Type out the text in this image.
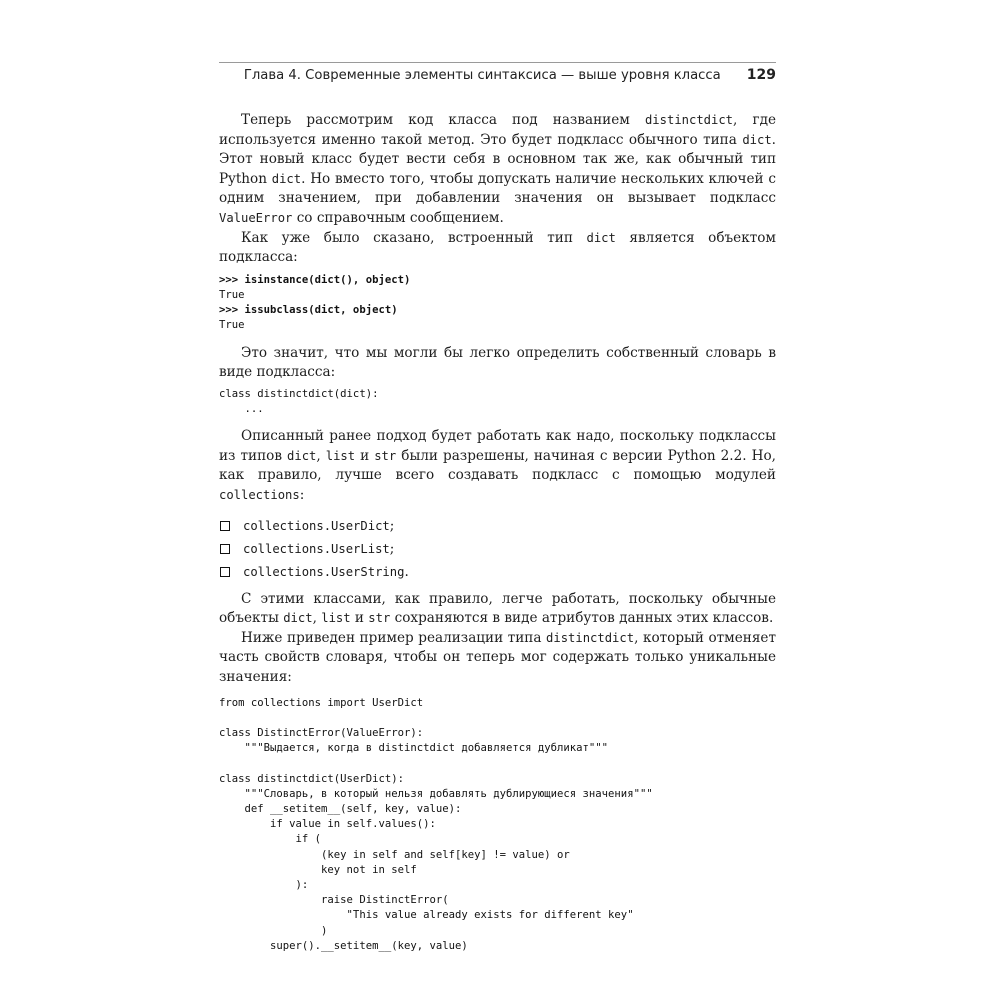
Глава 4. Современные элементы синтаксиса — выше уровня класса 129

Теперь рассмотрим код класса под названием distinctdict, где используется именно такой метод. Это будет подкласс обычного типа dict. Этот новый класс будет вести себя в основном так же, как обычный тип Python dict. Но вместо того, чтобы допускать наличие нескольких ключей с одним значением, при добавлении значения он вызывает подкласс ValueError со справочным сообщением.

Как уже было сказано, встроенный тип dict является объектом подкласса:

>>> isinstance(dict(), object)
True
>>> issubclass(dict, object)
True

Это значит, что мы могли бы легко определить собственный словарь в виде подкласса:

class distinctdict(dict):
...

Описанный ранее подход будет работать как надо, поскольку подклассы из типов dict, list и str были разрешены, начиная с версии Python 2.2. Но, как правило, лучше всего создавать подкласс с помощью модулей collections:

collections.UserDict ;
collections.UserList ;
collections.UserString .

С этими классами, как правило, легче работать, поскольку обычные объекты dict, list и str сохраняются в виде атрибутов данных этих классов.

Ниже приведен пример реализации типа distinctdict, который отменяет часть свойств словаря, чтобы он теперь мог содержать только уникальные значения:

from collections import UserDict

class DistinctError(ValueError):
"""Выдается, когда в distinctdict добавляется дубликат"""

class distinctdict(UserDict):
"""Словарь, в который нельзя добавлять дублирующиеся значения"""
def __setitem__(self, key, value):
if value in self.values():
if (
(key in self and self[key] != value) or
key not in self
):
raise DistinctError(
"This value already exists for different key"
)
super().__setitem__(key, value)
